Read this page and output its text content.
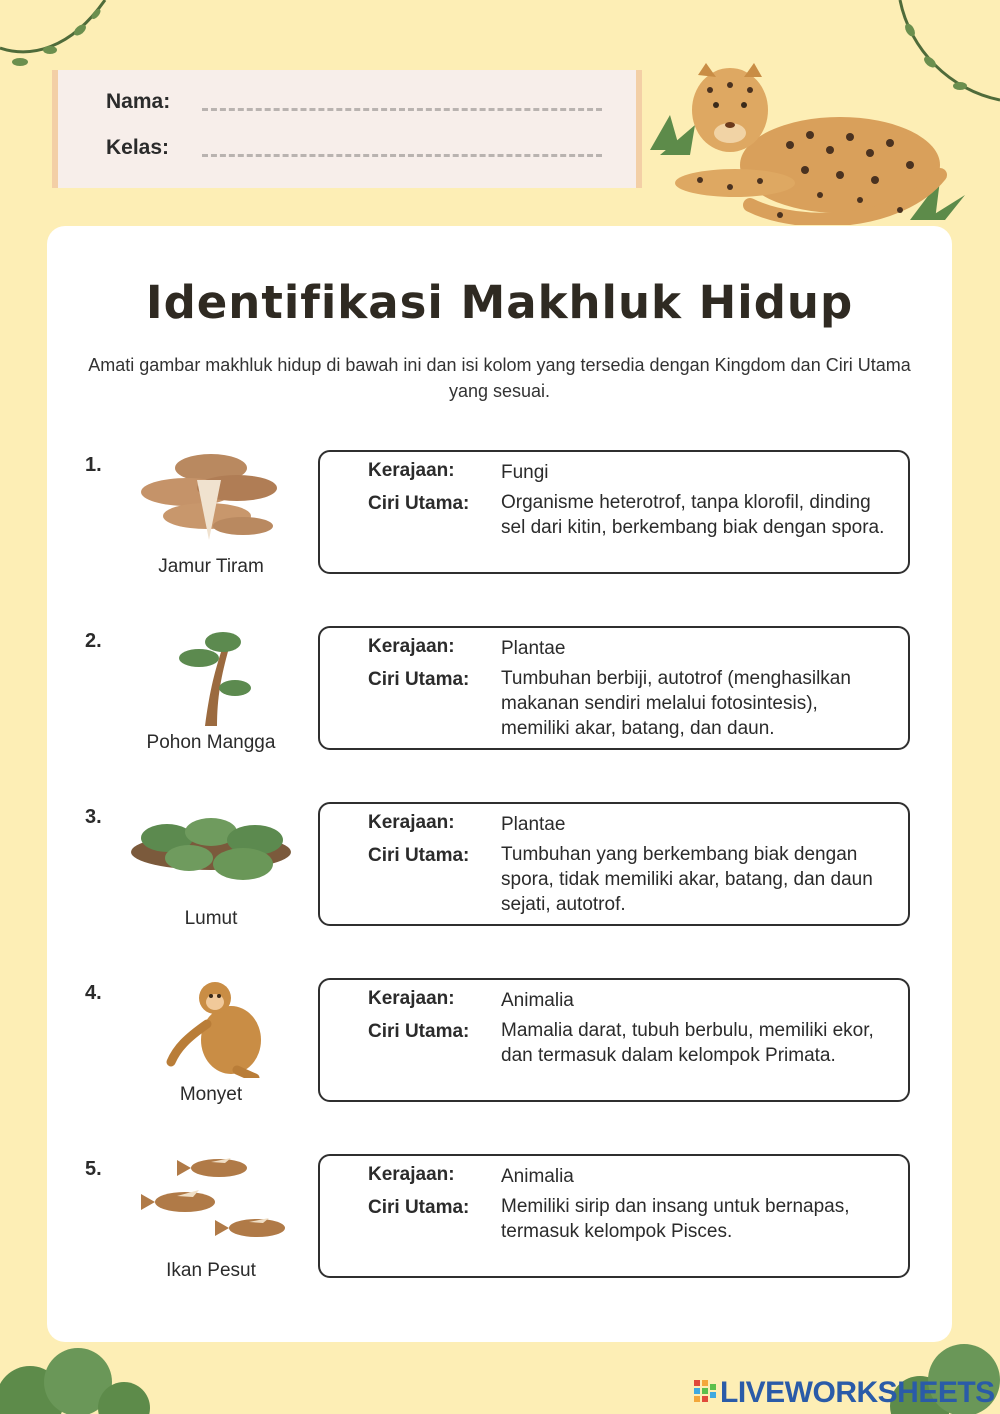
Nama:
Kelas:
Identifikasi Makhluk Hidup
Amati gambar makhluk hidup di bawah ini dan isi kolom yang tersedia dengan Kingdom dan Ciri Utama yang sesuai.
1.
Jamur Tiram
Kerajaan: Fungi
Ciri Utama: Organisme heterotrof, tanpa klorofil, dinding sel dari kitin, berkembang biak dengan spora.
2.
Pohon Mangga
Kerajaan: Plantae
Ciri Utama: Tumbuhan berbiji, autotrof (menghasilkan makanan sendiri melalui fotosintesis), memiliki akar, batang, dan daun.
3.
Lumut
Kerajaan: Plantae
Ciri Utama: Tumbuhan yang berkembang biak dengan spora, tidak memiliki akar, batang, dan daun sejati, autotrof.
4.
Monyet
Kerajaan: Animalia
Ciri Utama: Mamalia darat, tubuh berbulu, memiliki ekor, dan termasuk dalam kelompok Primata.
5.
Ikan Pesut
Kerajaan: Animalia
Ciri Utama: Memiliki sirip dan insang untuk bernapas, termasuk kelompok Pisces.
LIVEWORKSHEETS
